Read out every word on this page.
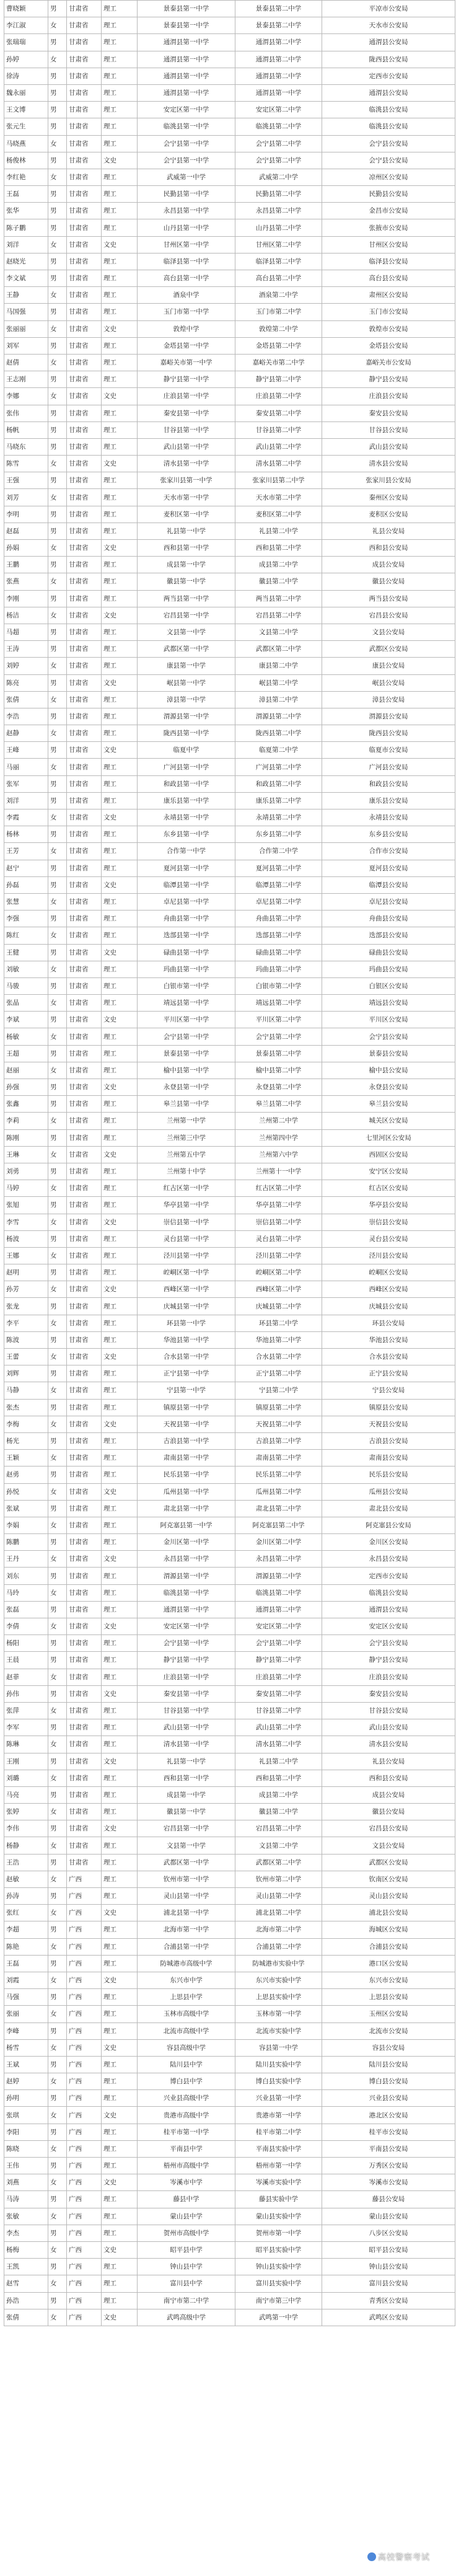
曹晓颖	男	甘肃省	理工	景泰县第一中学	景泰县第二中学	平凉市公安局
李江淑	女	甘肃省	理工	景泰县第一中学	景泰县第二中学	天水市公安局
张瑞瑞	男	甘肃省	理工	通渭县第一中学	通渭县第二中学	通渭县公安局
孙婷	女	甘肃省	理工	通渭县第一中学	通渭县第二中学	陇西县公安局
徐涛	男	甘肃省	理工	通渭县第一中学	通渭县第二中学	定西市公安局
魏永丽	男	甘肃省	理工	通渭县第一中学	通渭县第一中学	通渭县公安局
王文博	男	甘肃省	理工	安定区第一中学	安定区第二中学	临洮县公安局
张元生	男	甘肃省	理工	临洮县第一中学	临洮县第二中学	临洮县公安局
马晓燕	女	甘肃省	理工	会宁县第一中学	会宁县第二中学	会宁县公安局
杨俊林	男	甘肃省	文史	会宁县第一中学	会宁县第二中学	会宁县公安局
李红艳	女	甘肃省	理工	武威第一中学	武威第二中学	凉州区公安局
王磊	男	甘肃省	理工	民勤县第一中学	民勤县第二中学	民勤县公安局
张华	男	甘肃省	理工	永昌县第一中学	永昌县第二中学	金昌市公安局
陈子鹏	男	甘肃省	理工	山丹县第一中学	山丹县第二中学	张掖市公安局
刘洋	女	甘肃省	文史	甘州区第一中学	甘州区第二中学	甘州区公安局
赵晓光	男	甘肃省	理工	临泽县第一中学	临泽县第二中学	临泽县公安局
李文斌	男	甘肃省	理工	高台县第一中学	高台县第二中学	高台县公安局
王静	女	甘肃省	理工	酒泉中学	酒泉第二中学	肃州区公安局
马国强	男	甘肃省	理工	玉门市第一中学	玉门市第二中学	玉门市公安局
张丽丽	女	甘肃省	文史	敦煌中学	敦煌第二中学	敦煌市公安局
刘军	男	甘肃省	理工	金塔县第一中学	金塔县第二中学	金塔县公安局
赵倩	女	甘肃省	理工	嘉峪关市第一中学	嘉峪关市第二中学	嘉峪关市公安局
王志刚	男	甘肃省	理工	静宁县第一中学	静宁县第二中学	静宁县公安局
李娜	女	甘肃省	文史	庄浪县第一中学	庄浪县第二中学	庄浪县公安局
张伟	男	甘肃省	理工	秦安县第一中学	秦安县第二中学	秦安县公安局
杨帆	男	甘肃省	理工	甘谷县第一中学	甘谷县第二中学	甘谷县公安局
马晓东	男	甘肃省	理工	武山县第一中学	武山县第二中学	武山县公安局
陈雪	女	甘肃省	文史	清水县第一中学	清水县第二中学	清水县公安局
王强	男	甘肃省	理工	张家川县第一中学	张家川县第二中学	张家川县公安局
刘芳	女	甘肃省	理工	天水市第一中学	天水市第二中学	秦州区公安局
李明	男	甘肃省	理工	麦积区第一中学	麦积区第二中学	麦积区公安局
赵磊	男	甘肃省	理工	礼县第一中学	礼县第二中学	礼县公安局
孙娟	女	甘肃省	文史	西和县第一中学	西和县第二中学	西和县公安局
王鹏	男	甘肃省	理工	成县第一中学	成县第二中学	成县公安局
张燕	女	甘肃省	理工	徽县第一中学	徽县第二中学	徽县公安局
李刚	男	甘肃省	理工	两当县第一中学	两当县第二中学	两当县公安局
杨洁	女	甘肃省	文史	宕昌县第一中学	宕昌县第二中学	宕昌县公安局
马超	男	甘肃省	理工	文县第一中学	文县第二中学	文县公安局
王涛	男	甘肃省	理工	武都区第一中学	武都区第二中学	武都区公安局
刘婷	女	甘肃省	理工	康县第一中学	康县第二中学	康县公安局
陈亮	男	甘肃省	文史	岷县第一中学	岷县第二中学	岷县公安局
张倩	女	甘肃省	理工	漳县第一中学	漳县第二中学	漳县公安局
李浩	男	甘肃省	理工	渭源县第一中学	渭源县第二中学	渭源县公安局
赵静	女	甘肃省	理工	陇西县第一中学	陇西县第二中学	陇西县公安局
王峰	男	甘肃省	文史	临夏中学	临夏第二中学	临夏市公安局
马丽	女	甘肃省	理工	广河县第一中学	广河县第二中学	广河县公安局
张军	男	甘肃省	理工	和政县第一中学	和政县第二中学	和政县公安局
刘洋	男	甘肃省	理工	康乐县第一中学	康乐县第二中学	康乐县公安局
李霞	女	甘肃省	文史	永靖县第一中学	永靖县第二中学	永靖县公安局
杨林	男	甘肃省	理工	东乡县第一中学	东乡县第二中学	东乡县公安局
王芳	女	甘肃省	理工	合作第一中学	合作第二中学	合作市公安局
赵宁	男	甘肃省	理工	夏河县第一中学	夏河县第二中学	夏河县公安局
孙磊	男	甘肃省	文史	临潭县第一中学	临潭县第二中学	临潭县公安局
张慧	女	甘肃省	理工	卓尼县第一中学	卓尼县第二中学	卓尼县公安局
李强	男	甘肃省	理工	舟曲县第一中学	舟曲县第二中学	舟曲县公安局
陈红	女	甘肃省	理工	迭部县第一中学	迭部县第二中学	迭部县公安局
王健	男	甘肃省	文史	碌曲县第一中学	碌曲县第二中学	碌曲县公安局
刘敏	女	甘肃省	理工	玛曲县第一中学	玛曲县第二中学	玛曲县公安局
马骏	男	甘肃省	理工	白银市第一中学	白银市第二中学	白银区公安局
张晶	女	甘肃省	理工	靖远县第一中学	靖远县第二中学	靖远县公安局
李斌	男	甘肃省	文史	平川区第一中学	平川区第二中学	平川区公安局
杨敏	女	甘肃省	理工	会宁县第一中学	会宁县第二中学	会宁县公安局
王超	男	甘肃省	理工	景泰县第一中学	景泰县第二中学	景泰县公安局
赵丽	女	甘肃省	理工	榆中县第一中学	榆中县第二中学	榆中县公安局
孙强	男	甘肃省	文史	永登县第一中学	永登县第二中学	永登县公安局
张鑫	男	甘肃省	理工	皋兰县第一中学	皋兰县第二中学	皋兰县公安局
李莉	女	甘肃省	理工	兰州第一中学	兰州第二中学	城关区公安局
陈刚	男	甘肃省	理工	兰州第三中学	兰州第四中学	七里河区公安局
王琳	女	甘肃省	文史	兰州第五中学	兰州第六中学	西固区公安局
刘勇	男	甘肃省	理工	兰州第十中学	兰州第十一中学	安宁区公安局
马婷	女	甘肃省	理工	红古区第一中学	红古区第二中学	红古区公安局
张旭	男	甘肃省	理工	华亭县第一中学	华亭县第二中学	华亭县公安局
李雪	女	甘肃省	文史	崇信县第一中学	崇信县第二中学	崇信县公安局
杨波	男	甘肃省	理工	灵台县第一中学	灵台县第二中学	灵台县公安局
王娜	女	甘肃省	理工	泾川县第一中学	泾川县第二中学	泾川县公安局
赵明	男	甘肃省	理工	崆峒区第一中学	崆峒区第二中学	崆峒区公安局
孙芳	女	甘肃省	文史	西峰区第一中学	西峰区第二中学	西峰区公安局
张龙	男	甘肃省	理工	庆城县第一中学	庆城县第二中学	庆城县公安局
李平	女	甘肃省	理工	环县第一中学	环县第二中学	环县公安局
陈波	男	甘肃省	理工	华池县第一中学	华池县第二中学	华池县公安局
王蕾	女	甘肃省	文史	合水县第一中学	合水县第二中学	合水县公安局
刘辉	男	甘肃省	理工	正宁县第一中学	正宁县第二中学	正宁县公安局
马静	女	甘肃省	理工	宁县第一中学	宁县第二中学	宁县公安局
张杰	男	甘肃省	理工	镇原县第一中学	镇原县第二中学	镇原县公安局
李梅	女	甘肃省	文史	天祝县第一中学	天祝县第二中学	天祝县公安局
杨光	男	甘肃省	理工	古浪县第一中学	古浪县第二中学	古浪县公安局
王颖	女	甘肃省	理工	肃南县第一中学	肃南县第二中学	肃南县公安局
赵勇	男	甘肃省	理工	民乐县第一中学	民乐县第二中学	民乐县公安局
孙悦	女	甘肃省	文史	瓜州县第一中学	瓜州县第二中学	瓜州县公安局
张斌	男	甘肃省	理工	肃北县第一中学	肃北县第二中学	肃北县公安局
李娟	女	甘肃省	理工	阿克塞县第一中学	阿克塞县第二中学	阿克塞县公安局
陈鹏	男	甘肃省	理工	金川区第一中学	金川区第二中学	金川区公安局
王丹	女	甘肃省	文史	永昌县第一中学	永昌县第二中学	永昌县公安局
刘东	男	甘肃省	理工	渭源县第一中学	渭源县第二中学	定西市公安局
马玲	女	甘肃省	理工	临洮县第一中学	临洮县第二中学	临洮县公安局
张磊	男	甘肃省	理工	通渭县第一中学	通渭县第二中学	通渭县公安局
李倩	女	甘肃省	文史	安定区第一中学	安定区第二中学	安定区公安局
杨阳	男	甘肃省	理工	会宁县第一中学	会宁县第二中学	会宁县公安局
王晨	男	甘肃省	理工	静宁县第一中学	静宁县第二中学	静宁县公安局
赵菲	女	甘肃省	理工	庄浪县第一中学	庄浪县第二中学	庄浪县公安局
孙伟	男	甘肃省	文史	秦安县第一中学	秦安县第二中学	秦安县公安局
张萍	女	甘肃省	理工	甘谷县第一中学	甘谷县第二中学	甘谷县公安局
李军	男	甘肃省	理工	武山县第一中学	武山县第二中学	武山县公安局
陈琳	女	甘肃省	理工	清水县第一中学	清水县第二中学	清水县公安局
王刚	男	甘肃省	文史	礼县第一中学	礼县第二中学	礼县公安局
刘璐	女	甘肃省	理工	西和县第一中学	西和县第二中学	西和县公安局
马亮	男	甘肃省	理工	成县第一中学	成县第二中学	成县公安局
张婷	女	甘肃省	理工	徽县第一中学	徽县第二中学	徽县公安局
李伟	男	甘肃省	文史	宕昌县第一中学	宕昌县第二中学	宕昌县公安局
杨静	女	甘肃省	理工	文县第一中学	文县第二中学	文县公安局
王浩	男	甘肃省	理工	武都区第一中学	武都区第二中学	武都区公安局
赵敏	女	广西	理工	钦州市第一中学	钦州市第二中学	钦南区公安局
孙涛	男	广西	理工	灵山县第一中学	灵山县第二中学	灵山县公安局
张红	女	广西	文史	浦北县第一中学	浦北县第二中学	浦北县公安局
李超	男	广西	理工	北海市第一中学	北海市第二中学	海城区公安局
陈艳	女	广西	理工	合浦县第一中学	合浦县第二中学	合浦县公安局
王磊	男	广西	理工	防城港市高级中学	防城港市实验中学	港口区公安局
刘霞	女	广西	文史	东兴市中学	东兴市实验中学	东兴市公安局
马强	男	广西	理工	上思县中学	上思县实验中学	上思县公安局
张丽	女	广西	理工	玉林市高级中学	玉林市第一中学	玉州区公安局
李峰	男	广西	理工	北流市高级中学	北流市实验中学	北流市公安局
杨雪	女	广西	文史	容县高级中学	容县第一中学	容县公安局
王斌	男	广西	理工	陆川县中学	陆川县实验中学	陆川县公安局
赵婷	女	广西	理工	博白县中学	博白县实验中学	博白县公安局
孙明	男	广西	理工	兴业县高级中学	兴业县第一中学	兴业县公安局
张琪	女	广西	文史	贵港市高级中学	贵港市第一中学	港北区公安局
李阳	男	广西	理工	桂平市第一中学	桂平市第二中学	桂平市公安局
陈晓	女	广西	理工	平南县中学	平南县实验中学	平南县公安局
王伟	男	广西	理工	梧州市高级中学	梧州市第一中学	万秀区公安局
刘燕	女	广西	文史	岑溪市中学	岑溪市实验中学	岑溪市公安局
马涛	男	广西	理工	藤县中学	藤县实验中学	藤县公安局
张敏	女	广西	理工	蒙山县中学	蒙山县实验中学	蒙山县公安局
李杰	男	广西	理工	贺州市高级中学	贺州市第一中学	八步区公安局
杨梅	女	广西	文史	昭平县中学	昭平县实验中学	昭平县公安局
王凯	男	广西	理工	钟山县中学	钟山县实验中学	钟山县公安局
赵雪	女	广西	理工	富川县中学	富川县实验中学	富川县公安局
孙浩	男	广西	理工	南宁市第二中学	南宁市第三中学	青秀区公安局
张倩	女	广西	文史	武鸣高级中学	武鸣第一中学	武鸣区公安局
高校警察考试
